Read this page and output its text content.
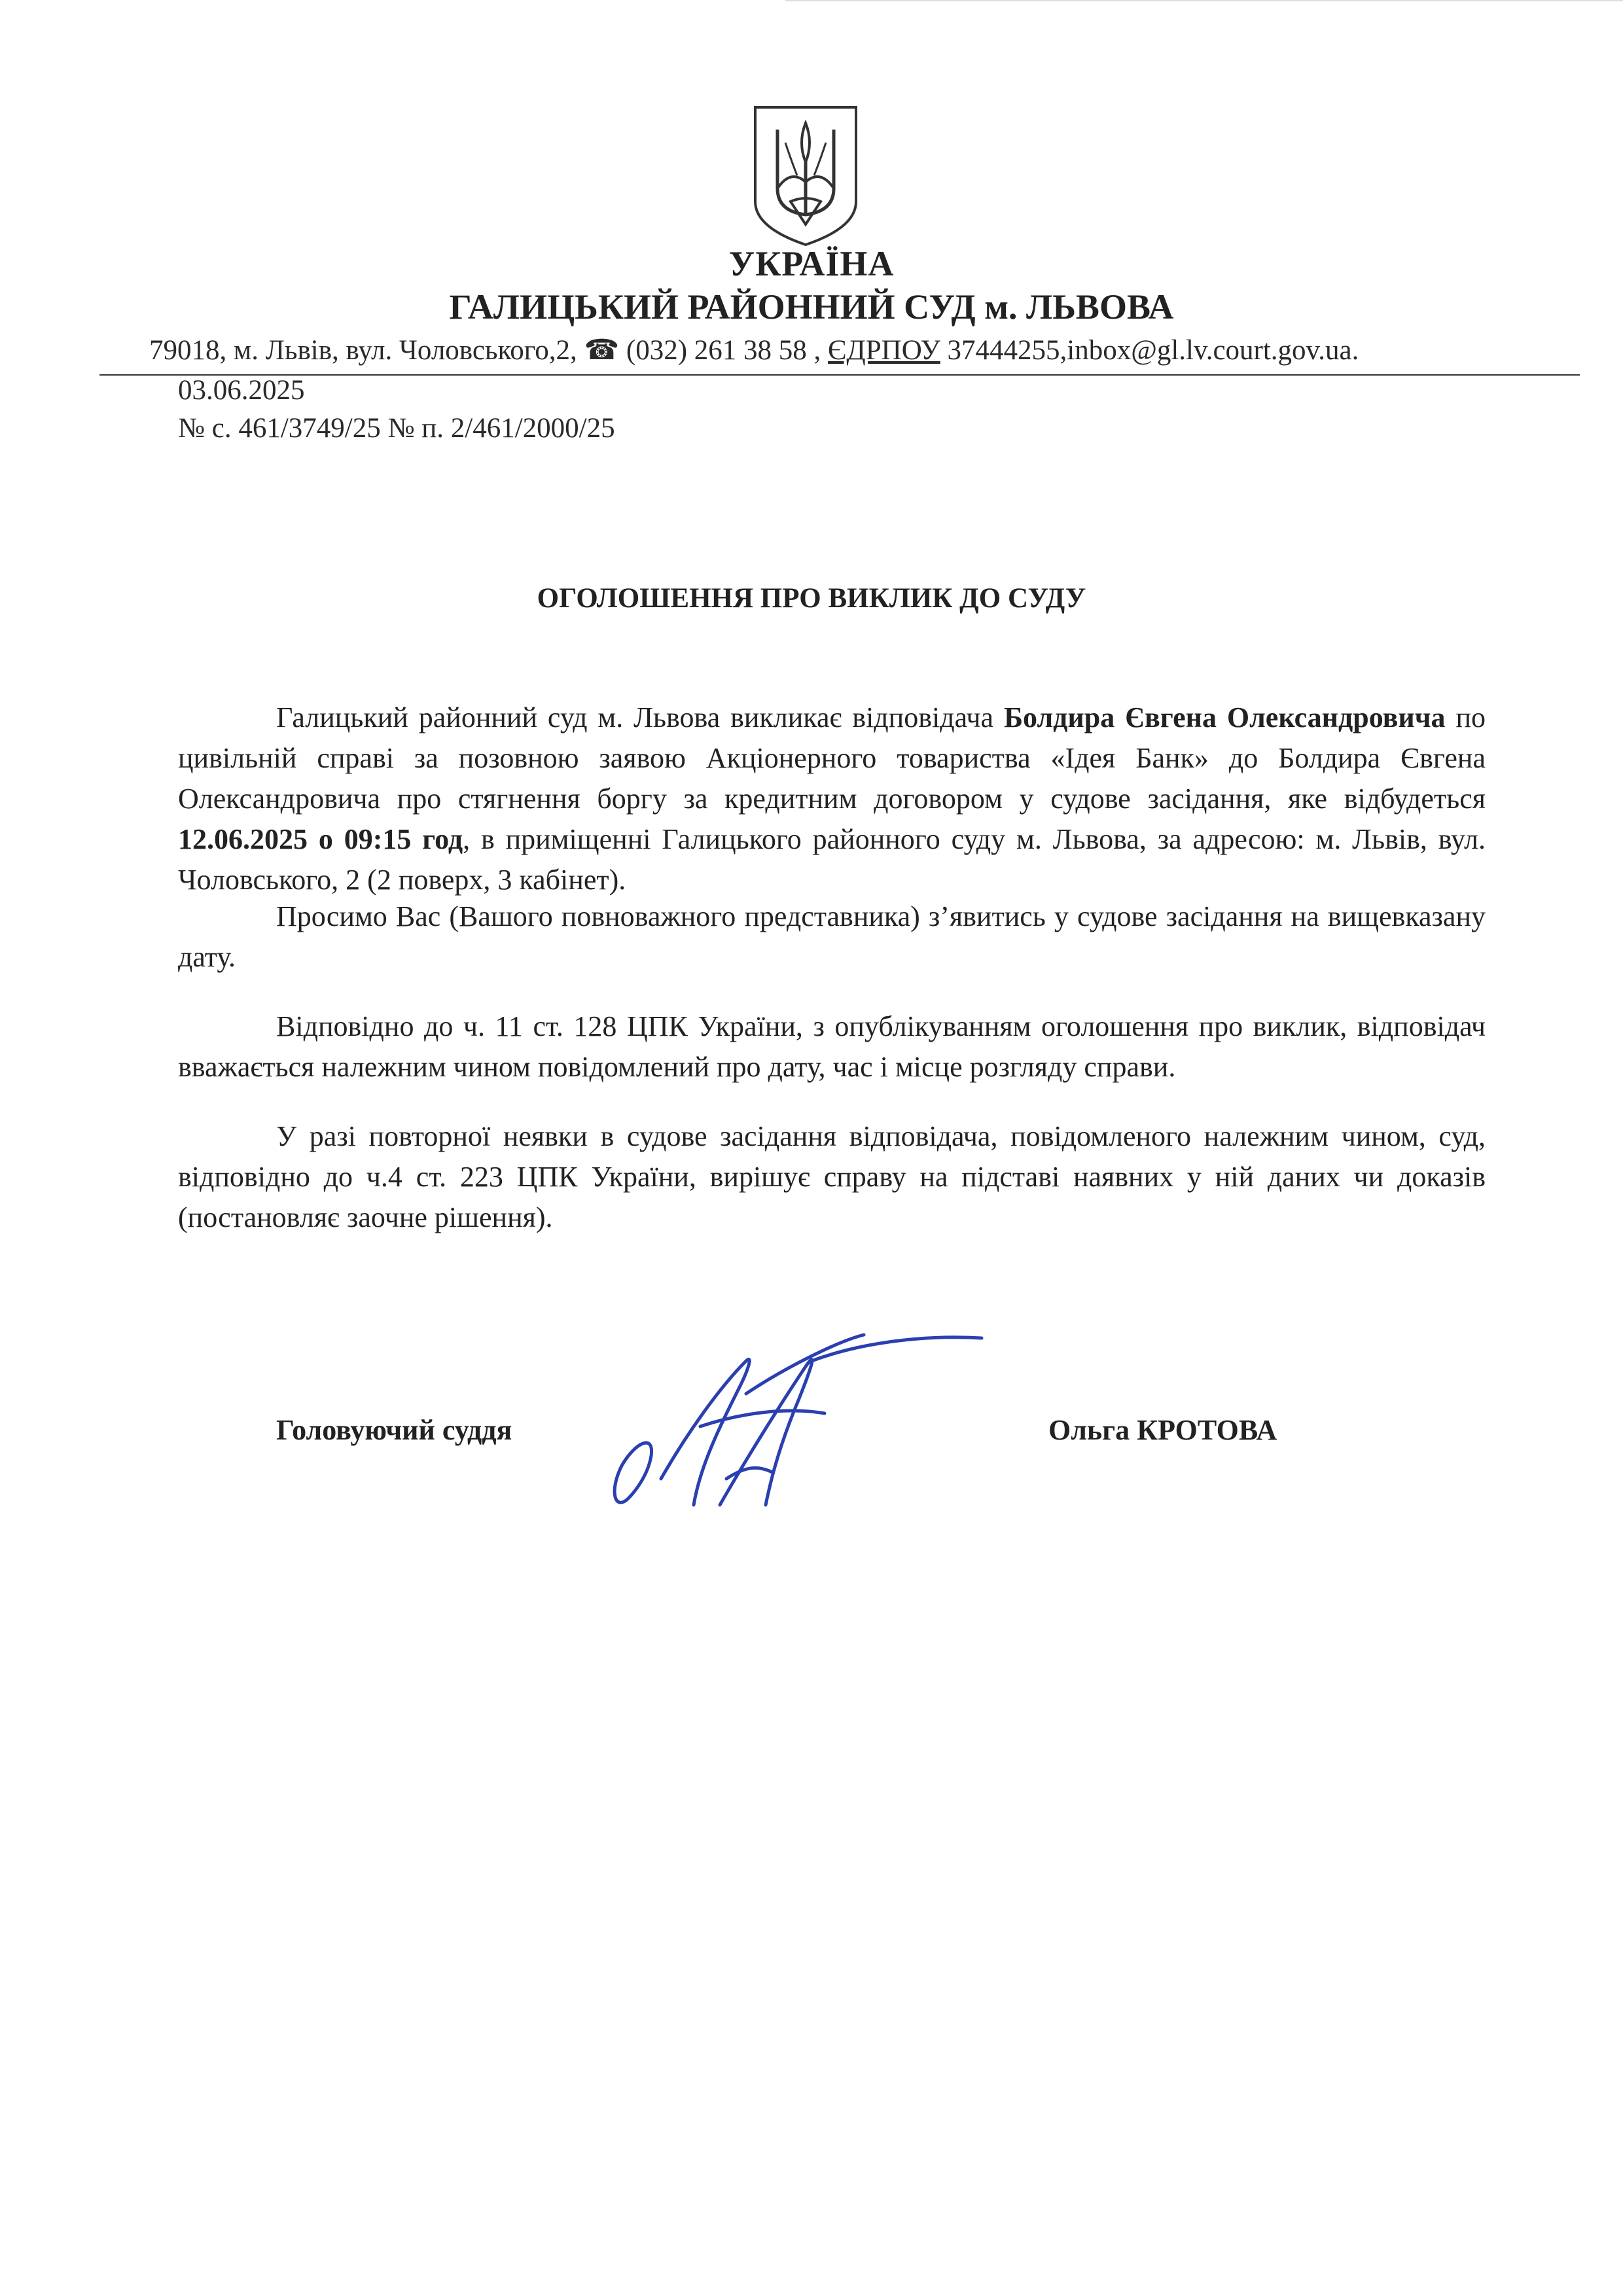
УКРАЇНА
ГАЛИЦЬКИЙ РАЙОННИЙ СУД м. ЛЬВОВА
79018, м. Львів, вул. Чоловського,2, ☎ (032) 261 38 58 , ЄДРПОУ 37444255,inbox@gl.lv.court.gov.ua.
03.06.2025
№ с. 461/3749/25 № п. 2/461/2000/25
ОГОЛОШЕННЯ ПРО ВИКЛИК ДО СУДУ

Галицький районний суд м. Львова викликає відповідача Болдира Євгена Олександровича по цивільній справі за позовною заявою Акціонерного товариства «Ідея Банк» до Болдира Євгена Олександровича про стягнення боргу за кредитним договором у судове засідання, яке відбудеться 12.06.2025 о 09:15 год, в приміщенні Галицького районного суду м. Львова, за адресою: м. Львів, вул. Чоловського, 2 (2 поверх, 3 кабінет).

Просимо Вас (Вашого повноважного представника) з’явитись у судове засідання на вищевказану дату.

Відповідно до ч. 11 ст. 128 ЦПК України, з опублікуванням оголошення про виклик, відповідач вважається належним чином повідомлений про дату, час і місце розгляду справи.

У разі повторної неявки в судове засідання відповідача, повідомленого належним чином, суд, відповідно до ч.4 ст. 223 ЦПК України, вирішує справу на підставі наявних у ній даних чи доказів (постановляє заочне рішення).

Головуючий суддя	Ольга КРОТОВА
